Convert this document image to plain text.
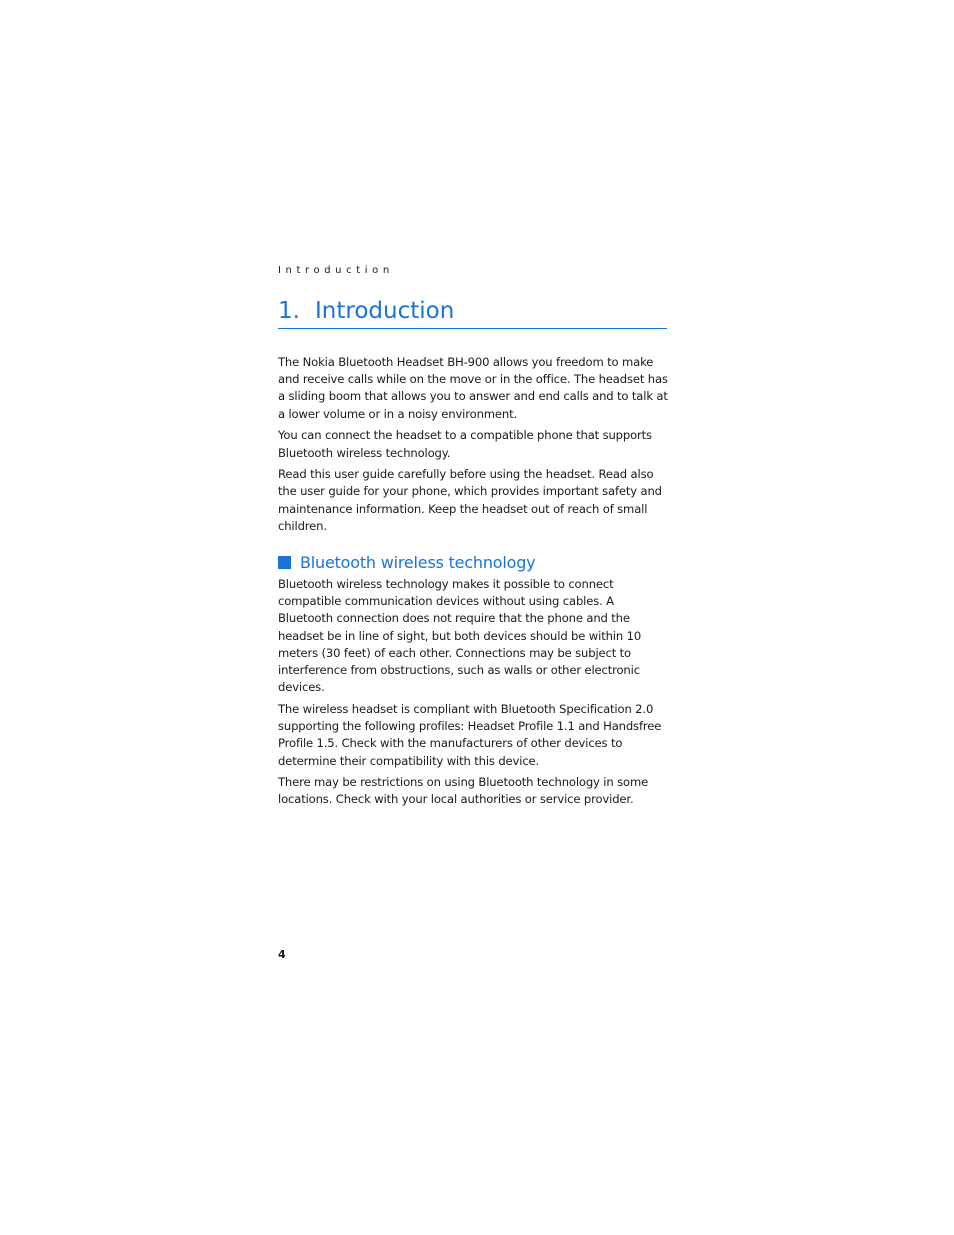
Introduction
1. Introduction

The Nokia Bluetooth Headset BH-900 allows you freedom to make and receive calls while on the move or in the office. The headset has a sliding boom that allows you to answer and end calls and to talk at a lower volume or in a noisy environment.

You can connect the headset to a compatible phone that supports Bluetooth wireless technology.

Read this user guide carefully before using the headset. Read also the user guide for your phone, which provides important safety and maintenance information. Keep the headset out of reach of small children.

Bluetooth wireless technology

Bluetooth wireless technology makes it possible to connect compatible communication devices without using cables. A Bluetooth connection does not require that the phone and the headset be in line of sight, but both devices should be within 10 meters (30 feet) of each other. Connections may be subject to interference from obstructions, such as walls or other electronic devices.

The wireless headset is compliant with Bluetooth Specification 2.0 supporting the following profiles: Headset Profile 1.1 and Handsfree Profile 1.5. Check with the manufacturers of other devices to determine their compatibility with this device.

There may be restrictions on using Bluetooth technology in some locations. Check with your local authorities or service provider.

4
